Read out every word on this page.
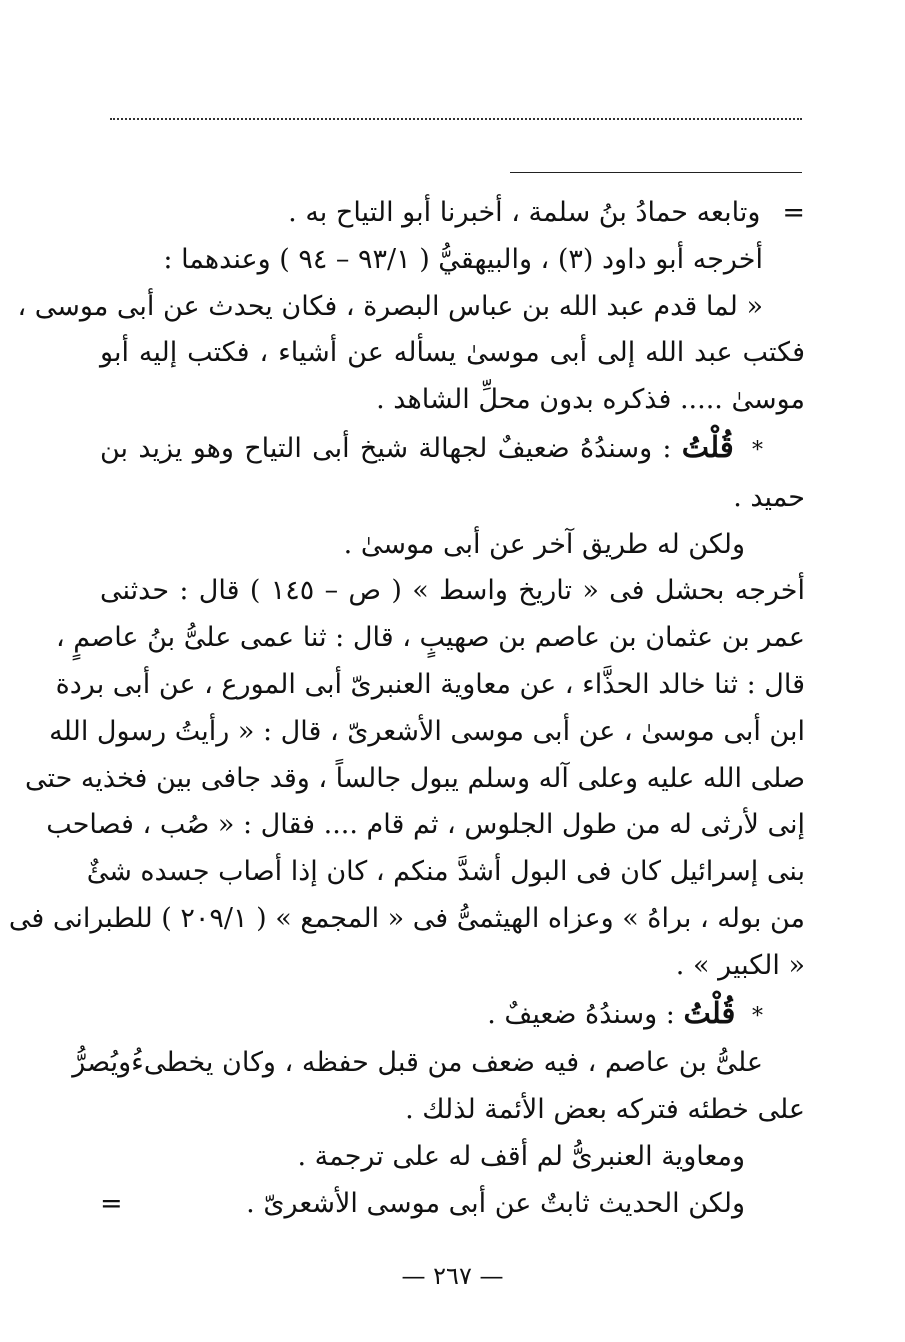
=وتابعه حمادُ بنُ سلمة ، أخبرنا أبو التياح به .
أخرجه أبو داود (٣) ، والبيهقيُّ ( ٩٣/١ – ٩٤ ) وعندهما :
« لما قدم عبد الله بن عباس البصرة ، فكان يحدث عن أبى موسى ،
فكتب عبد الله إلى أبى موسىٰ يسأله عن أشياء ، فكتب إليه أبو
موسىٰ ..... فذكره بدون محلِّ الشاهد .
* قُلْتُ : وسندُهُ ضعيفٌ لجهالة شيخ أبى التياح وهو يزيد بن
حميد .
ولكن له طريق آخر عن أبى موسىٰ .
أخرجه بحشل فى « تاريخ واسط » ( ص – ١٤٥ ) قال : حدثنى
عمر بن عثمان بن عاصم بن صهيبٍ ، قال : ثنا عمى علىُّ بنُ عاصمٍ ،
قال : ثنا خالد الحذَّاء ، عن معاوية العنبرىّ أبى المورع ، عن أبى بردة
ابن أبى موسىٰ ، عن أبى موسى الأشعرىّ ، قال : « رأيتُ رسول الله
صلى الله عليه وعلى آله وسلم يبول جالساً ، وقد جافى بين فخذيه حتى
إنى لأرثى له من طول الجلوس ، ثم قام .... فقال : « صُب ، فصاحب
بنى إسرائيل كان فى البول أشدَّ منكم ، كان إذا أصاب جسده شئٌ
من بوله ، براهُ » وعزاه الهيثمىُّ فى « المجمع » ( ٢٠٩/١ ) للطبرانى فى
« الكبير » .
* قُلْتُ : وسندُهُ ضعيفٌ .
علىُّ بن عاصم ، فيه ضعف من قبل حفظه ، وكان يخطىءُويُصرُّ
على خطئه فتركه بعض الأئمة لذلك .
ومعاوية العنبرىُّ لم أقف له على ترجمة .
ولكن الحديث ثابتٌ عن أبى موسى الأشعرىّ .
=
— ٢٦٧ —
